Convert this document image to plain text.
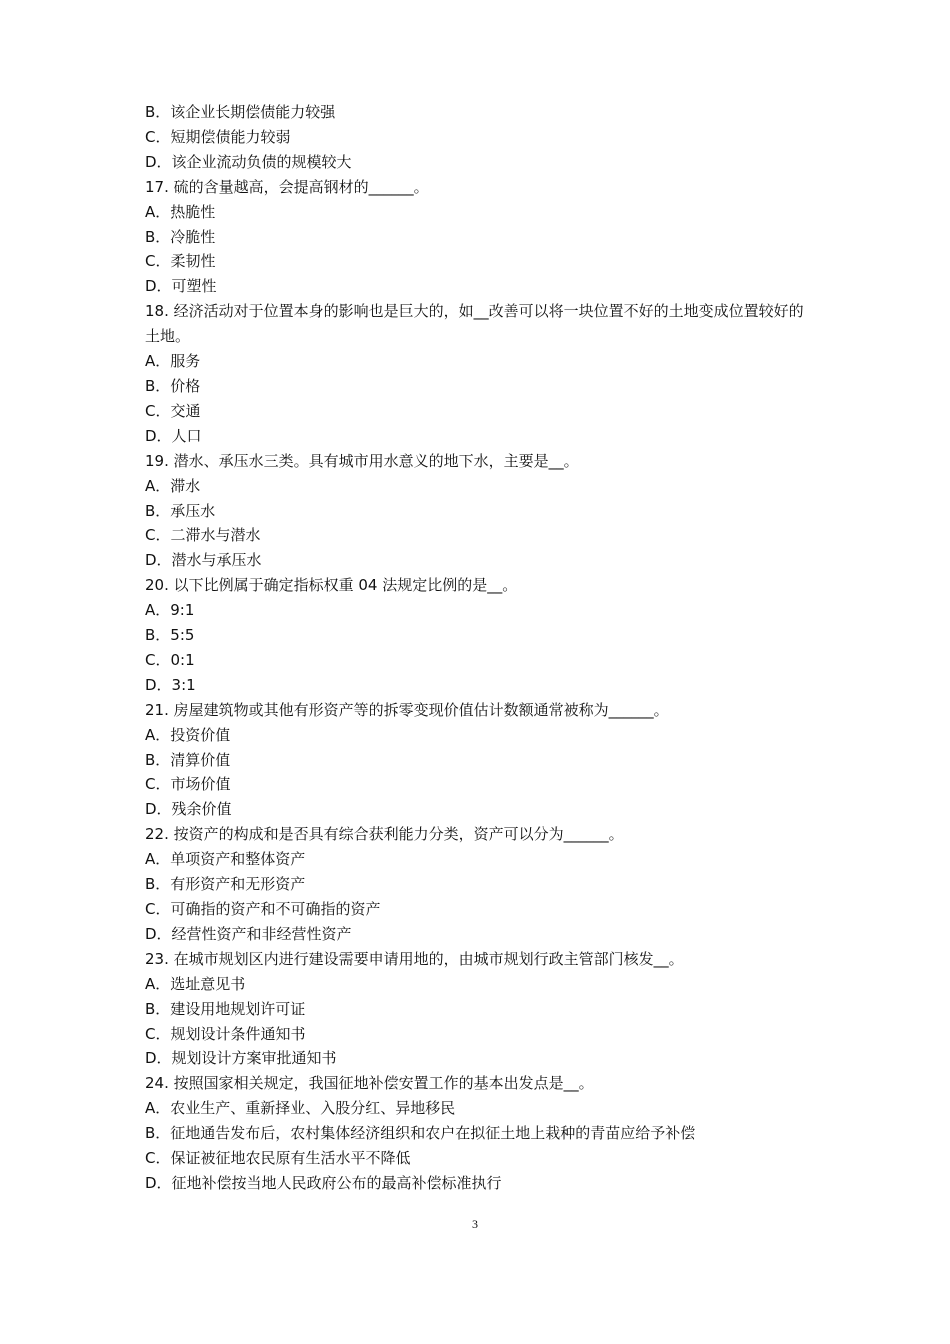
B．该企业长期偿债能力较强
C．短期偿债能力较弱
D．该企业流动负债的规模较大
17. 硫的含量越高，会提高钢材的______。
A．热脆性
B．冷脆性
C．柔韧性
D．可塑性
18. 经济活动对于位置本身的影响也是巨大的，如__改善可以将一块位置不好的土地变成位置较好的土地。
A．服务
B．价格
C．交通
D．人口
19. 潜水、承压水三类。具有城市用水意义的地下水，主要是__。
A．滞水
B．承压水
C．二滞水与潜水
D．潜水与承压水
20. 以下比例属于确定指标权重 04 法规定比例的是__。
A．9:1
B．5:5
C．0:1
D．3:1
21. 房屋建筑物或其他有形资产等的拆零变现价值估计数额通常被称为______。
A．投资价值
B．清算价值
C．市场价值
D．残余价值
22. 按资产的构成和是否具有综合获利能力分类，资产可以分为______。
A．单项资产和整体资产
B．有形资产和无形资产
C．可确指的资产和不可确指的资产
D．经营性资产和非经营性资产
23. 在城市规划区内进行建设需要申请用地的，由城市规划行政主管部门核发__。
A．选址意见书
B．建设用地规划许可证
C．规划设计条件通知书
D．规划设计方案审批通知书
24. 按照国家相关规定，我国征地补偿安置工作的基本出发点是__。
A．农业生产、重新择业、入股分红、异地移民
B．征地通告发布后，农村集体经济组织和农户在拟征土地上栽种的青苗应给予补偿
C．保证被征地农民原有生活水平不降低
D．征地补偿按当地人民政府公布的最高补偿标准执行
3
